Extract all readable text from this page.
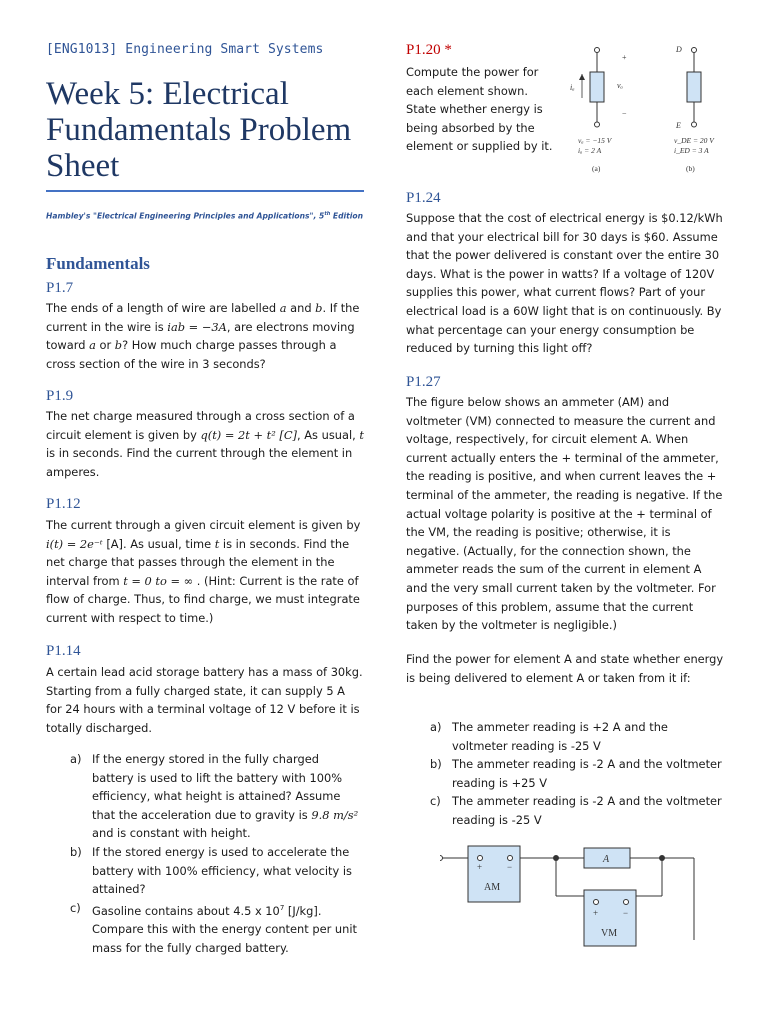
[ENG1013] Engineering Smart Systems
Week 5: Electrical Fundamentals Problem Sheet
Hambley's "Electrical Engineering Principles and Applications", 5th Edition
Fundamentals
P1.7
The ends of a length of wire are labelled a and b. If the current in the wire is iab = −3A, are electrons moving toward a or b? How much charge passes through a cross section of the wire in 3 seconds?
P1.9
The net charge measured through a cross section of a circuit element is given by q(t) = 2t + t² [C], As usual, t is in seconds. Find the current through the element in amperes.
P1.12
The current through a given circuit element is given by i(t) = 2e⁻ᵗ [A]. As usual, time t is in seconds. Find the net charge that passes through the element in the interval from t = 0 to = ∞ . (Hint: Current is the rate of flow of charge. Thus, to find charge, we must integrate current with respect to time.)
P1.14
A certain lead acid storage battery has a mass of 30kg. Starting from a fully charged state, it can supply 5 A for 24 hours with a terminal voltage of 12 V before it is totally discharged.
a) If the energy stored in the fully charged battery is used to lift the battery with 100% efficiency, what height is attained? Assume that the acceleration due to gravity is 9.8 m/s² and is constant with height.
b) If the stored energy is used to accelerate the battery with 100% efficiency, what velocity is attained?
c) Gasoline contains about 4.5 x $10^7$ [J/kg]. Compare this with the energy content per unit mass for the fully charged battery.
P1.20 *
Compute the power for each element shown. State whether energy is being absorbed by the element or supplied by it.
iₐ
+
vₐ
−
vₐ = −15 V
iₐ = 2 A
(a)
D
E
v_DE = 20 V
i_ED = 3 A
(b)
P1.24
Suppose that the cost of electrical energy is $0.12/kWh and that your electrical bill for 30 days is $60. Assume that the power delivered is constant over the entire 30 days. What is the power in watts? If a voltage of 120V supplies this power, what current flows? Part of your electrical load is a 60W light that is on continuously. By what percentage can your energy consumption be reduced by turning this light off?
P1.27
The figure below shows an ammeter (AM) and voltmeter (VM) connected to measure the current and voltage, respectively, for circuit element A. When current actually enters the + terminal of the ammeter, the reading is positive, and when current leaves the + terminal of the ammeter, the reading is negative. If the actual voltage polarity is positive at the + terminal of the VM, the reading is positive; otherwise, it is negative. (Actually, for the connection shown, the ammeter reads the sum of the current in element A and the very small current taken by the voltmeter. For purposes of this problem, assume that the current taken by the voltmeter is negligible.)
Find the power for element A and state whether energy is being delivered to element A or taken from it if:
a) The ammeter reading is +2 A and the voltmeter reading is -25 V
b) The ammeter reading is -2 A and the voltmeter reading is +25 V
c) The ammeter reading is -2 A and the voltmeter reading is -25 V
+	−
AM
A
+	−
VM
